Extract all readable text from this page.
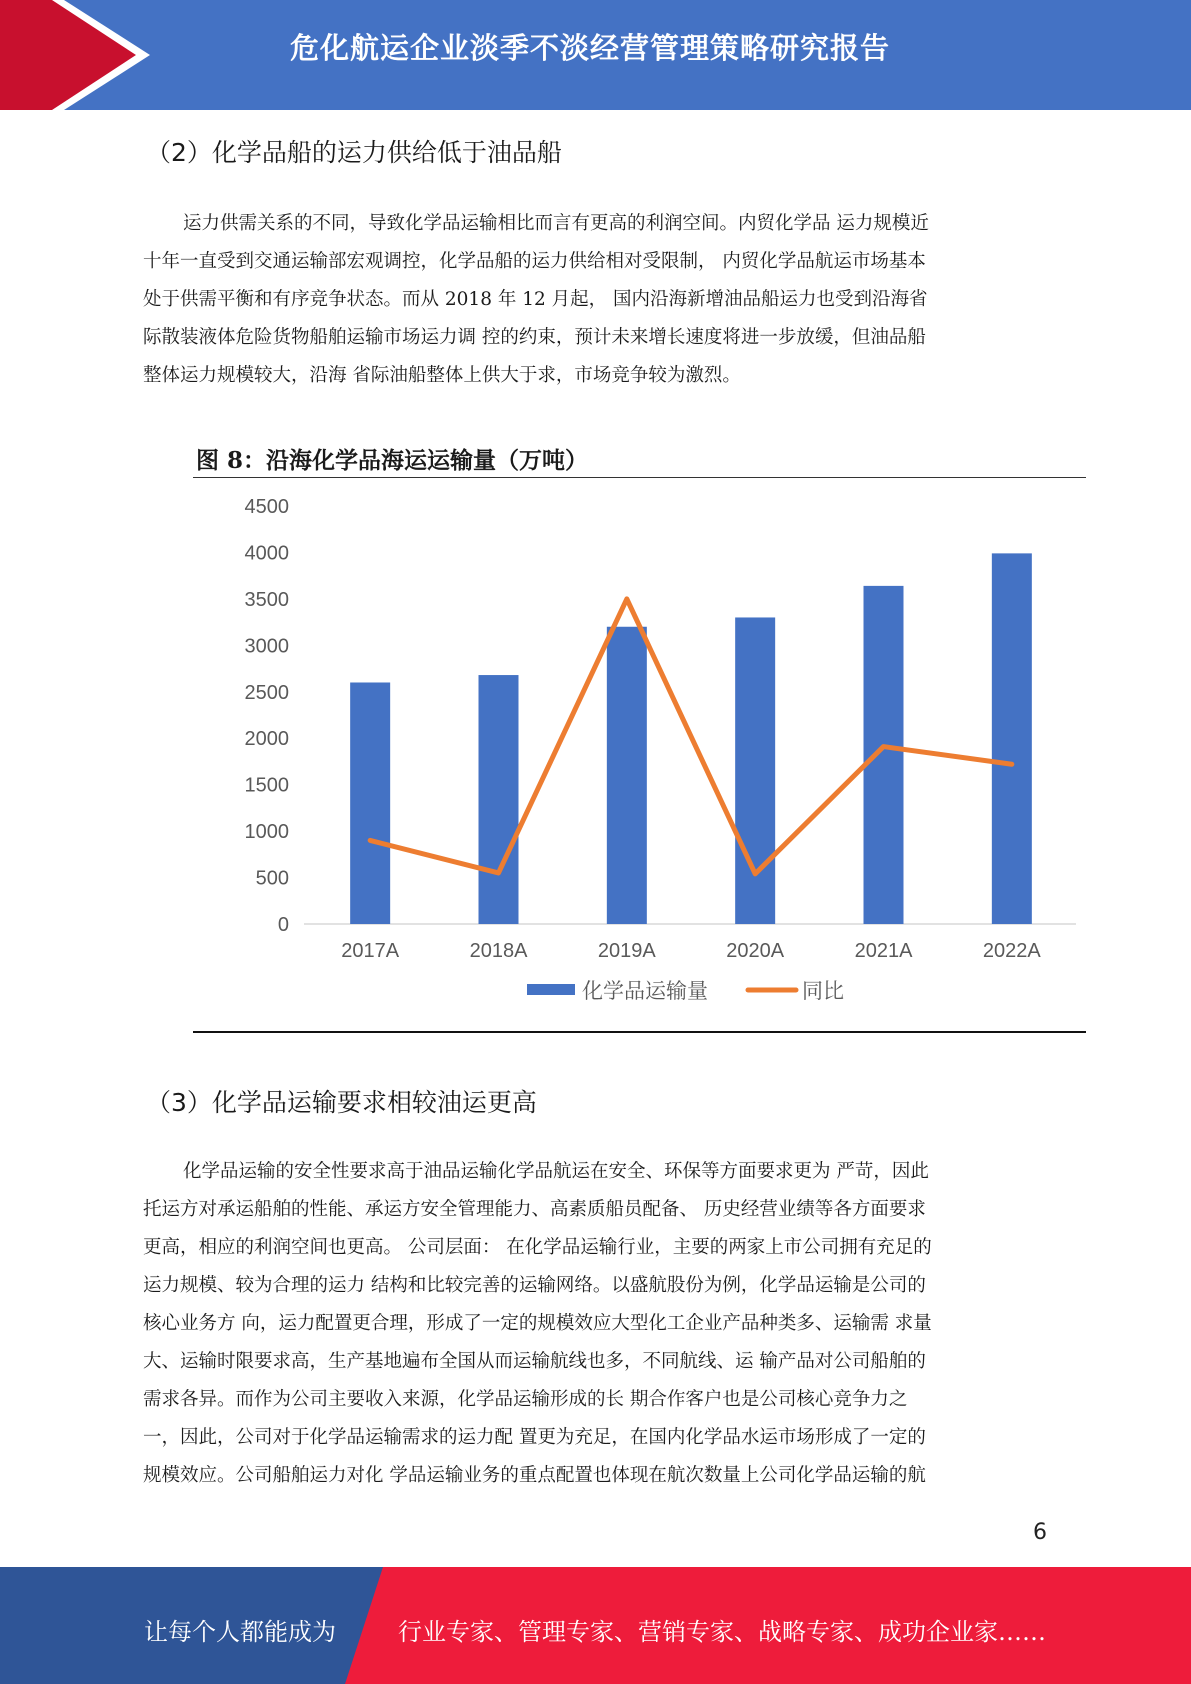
危化航运企业淡季不淡经营管理策略研究报告
（2）化学品船的运力供给低于油品船
运力供需关系的不同，导致化学品运输相比而言有更高的利润空间。内贸化学品 运力规模近
十年一直受到交通运输部宏观调控，化学品船的运力供给相对受限制， 内贸化学品航运市场基本
处于供需平衡和有序竞争状态。而从 2018 年 12 月起， 国内沿海新增油品船运力也受到沿海省
际散装液体危险货物船舶运输市场运力调 控的约束，预计未来增长速度将进一步放缓，但油品船
整体运力规模较大，沿海 省际油船整体上供大于求，市场竞争较为激烈。
图 8：沿海化学品海运运输量（万吨）
0
500
1000
1500
2000
2500
3000
3500
4000
4500
2017A	2018A	2019A	2020A	2021A	2022A
化学品运输量	同比
（3）化学品运输要求相较油运更高
化学品运输的安全性要求高于油品运输化学品航运在安全、环保等方面要求更为 严苛，因此
托运方对承运船舶的性能、承运方安全管理能力、高素质船员配备、 历史经营业绩等各方面要求
更高，相应的利润空间也更高。 公司层面： 在化学品运输行业，主要的两家上市公司拥有充足的
运力规模、较为合理的运力 结构和比较完善的运输网络。以盛航股份为例，化学品运输是公司的
核心业务方 向，运力配置更合理，形成了一定的规模效应大型化工企业产品种类多、运输需 求量
大、运输时限要求高，生产基地遍布全国从而运输航线也多，不同航线、运 输产品对公司船舶的
需求各异。而作为公司主要收入来源，化学品运输形成的长 期合作客户也是公司核心竞争力之
一，因此，公司对于化学品运输需求的运力配 置更为充足，在国内化学品水运市场形成了一定的
规模效应。公司船舶运力对化 学品运输业务的重点配置也体现在航次数量上公司化学品运输的航
6
让每个人都能成为	行业专家、管理专家、营销专家、战略专家、成功企业家……
